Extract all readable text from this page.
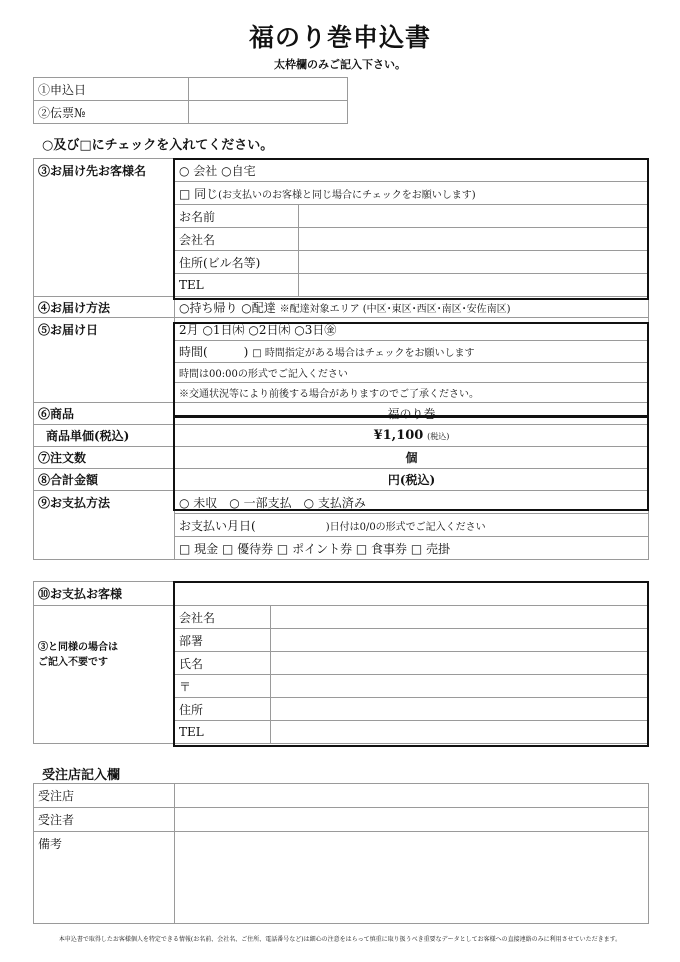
福のり巻申込書
太枠欄のみご記入下さい。
①申込日	
②伝票№	
○及び□にチェックを入れてください。
③お届け先お客様名	○ 会社 ○自宅	
	□ 同じ(お支払いのお客様と同じ場合にチェックをお願いします)	
	お名前	
	会社名	
	住所(ビル名等)	
	TEL	
④お届け方法	○持ち帰り ○配達 ※配達対象エリア (中区･東区･西区･南区･安佐南区)	
⑤お届け日	2月 ○1日㈭ ○2日㈭ ○3日㊎	
	時間(　　　) □ 時間指定がある場合はチェックをお願いします	
	時間は00:00の形式でご記入ください	
	※交通状況等により前後する場合がありますのでご了承ください。	
⑥商品	福のり巻	
商品単価(税込)	¥1,100 (税込)	
⑦注文数	個	
⑧合計金額	円(税込)	
⑨お支払方法	○ 未収　○ 一部支払　○ 支払済み	
	お支払い月日( )日付は0/0の形式でご記入ください	
	□ 現金 □ 優待券 □ ポイント券 □ 食事券 □ 売掛	
⑩お支払お客様		

③と同様の場合は
ご記入不要です	会社名	
	部署	
	氏名	
	〒	
	住所	
	TEL	
受注店記入欄
受注店	
受注者	
備考	
本申込書で取得したお客様個人を特定できる情報(お名前、会社名、ご住所、電話番号など)は細心の注意をはらって慎重に取り扱うべき重要なデータとしてお客様への直接連絡のみに利用させていただきます。
